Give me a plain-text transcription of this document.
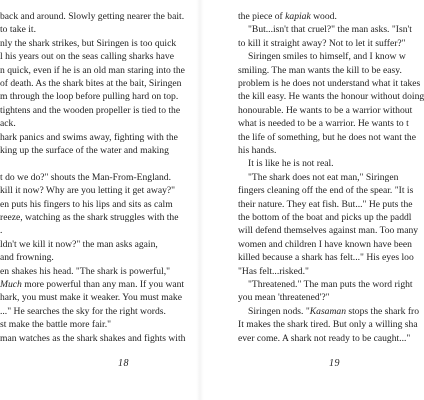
back and around. Slowly getting nearer the bait.
to take it.
nly the shark strikes, but Siringen is too quick
l his years out on the seas calling sharks have
n quick, even if he is an old man staring into the
of death. As the shark bites at the bait, Siringen
m through the loop before pulling hard on top.
tightens and the wooden propeller is tied to the
ack.
hark panics and swims away, fighting with the
king up the surface of the water and making
t do we do?" shouts the Man-From-England.
kill it now? Why are you letting it get away?"
en puts his fingers to his lips and sits as calm
reeze, watching as the shark struggles with the
.
ldn't we kill it now?" the man asks again,
and frowning.
en shakes his head. "The shark is powerful,"
Much more powerful than any man. If you want
hark, you must make it weaker. You must make
..." He searches the sky for the right words.
st make the battle more fair."
man watches as the shark shakes and fights with
18
the piece of kapiak wood.
"But...isn't that cruel?" the man asks. "Isn't
to kill it straight away? Not to let it suffer?"
Siringen smiles to himself, and I know w
smiling. The man wants the kill to be easy.
problem is he does not understand what it takes
the kill easy. He wants the honour without doing
honourable. He wants to be a warrior without
what is needed to be a warrior. He wants to t
the life of something, but he does not want the
his hands.
It is like he is not real.
"The shark does not eat man," Siringen
fingers cleaning off the end of the spear. "It is
their nature. They eat fish. But..." He puts the
the bottom of the boat and picks up the paddl
will defend themselves against man. Too many
women and children I have known have been
killed because a shark has felt..." His eyes loo
"Has felt...risked."
"Threatened." The man puts the word right
you mean 'threatened'?"
Siringen nods. "Kasaman stops the shark fro
It makes the shark tired. But only a willing sha
ever come. A shark not ready to be caught..."
19
